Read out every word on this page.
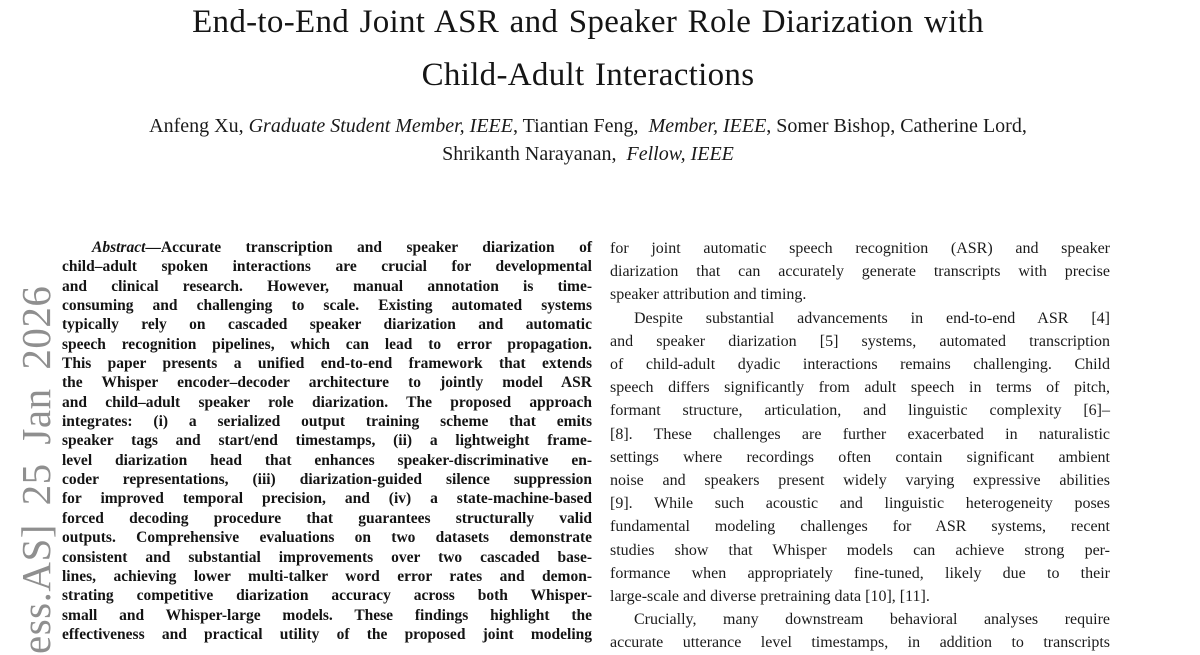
ess.AS] 25 Jan 2026
End-to-End Joint ASR and Speaker Role Diarization with
Child-Adult Interactions
Anfeng Xu, Graduate Student Member, IEEE, Tiantian Feng,  Member, IEEE, Somer Bishop, Catherine Lord,
Shrikanth Narayanan,  Fellow, IEEE
Abstract—Accurate transcription and speaker diarization of
child–adult spoken interactions are crucial for developmental
and clinical research. However, manual annotation is time-
consuming and challenging to scale. Existing automated systems
typically rely on cascaded speaker diarization and automatic
speech recognition pipelines, which can lead to error propagation.
This paper presents a unified end-to-end framework that extends
the Whisper encoder–decoder architecture to jointly model ASR
and child–adult speaker role diarization. The proposed approach
integrates: (i) a serialized output training scheme that emits
speaker tags and start/end timestamps, (ii) a lightweight frame-
level diarization head that enhances speaker-discriminative en-
coder representations, (iii) diarization-guided silence suppression
for improved temporal precision, and (iv) a state-machine-based
forced decoding procedure that guarantees structurally valid
outputs. Comprehensive evaluations on two datasets demonstrate
consistent and substantial improvements over two cascaded base-
lines, achieving lower multi-talker word error rates and demon-
strating competitive diarization accuracy across both Whisper-
small and Whisper-large models. These findings highlight the
effectiveness and practical utility of the proposed joint modeling
for joint automatic speech recognition (ASR) and speaker
diarization that can accurately generate transcripts with precise
speaker attribution and timing.
Despite substantial advancements in end-to-end ASR [4]
and speaker diarization [5] systems, automated transcription
of child-adult dyadic interactions remains challenging. Child
speech differs significantly from adult speech in terms of pitch,
formant structure, articulation, and linguistic complexity [6]–
[8]. These challenges are further exacerbated in naturalistic
settings where recordings often contain significant ambient
noise and speakers present widely varying expressive abilities
[9]. While such acoustic and linguistic heterogeneity poses
fundamental modeling challenges for ASR systems, recent
studies show that Whisper models can achieve strong per-
formance when appropriately fine-tuned, likely due to their
large-scale and diverse pretraining data [10], [11].
Crucially, many downstream behavioral analyses require
accurate utterance level timestamps, in addition to transcripts
